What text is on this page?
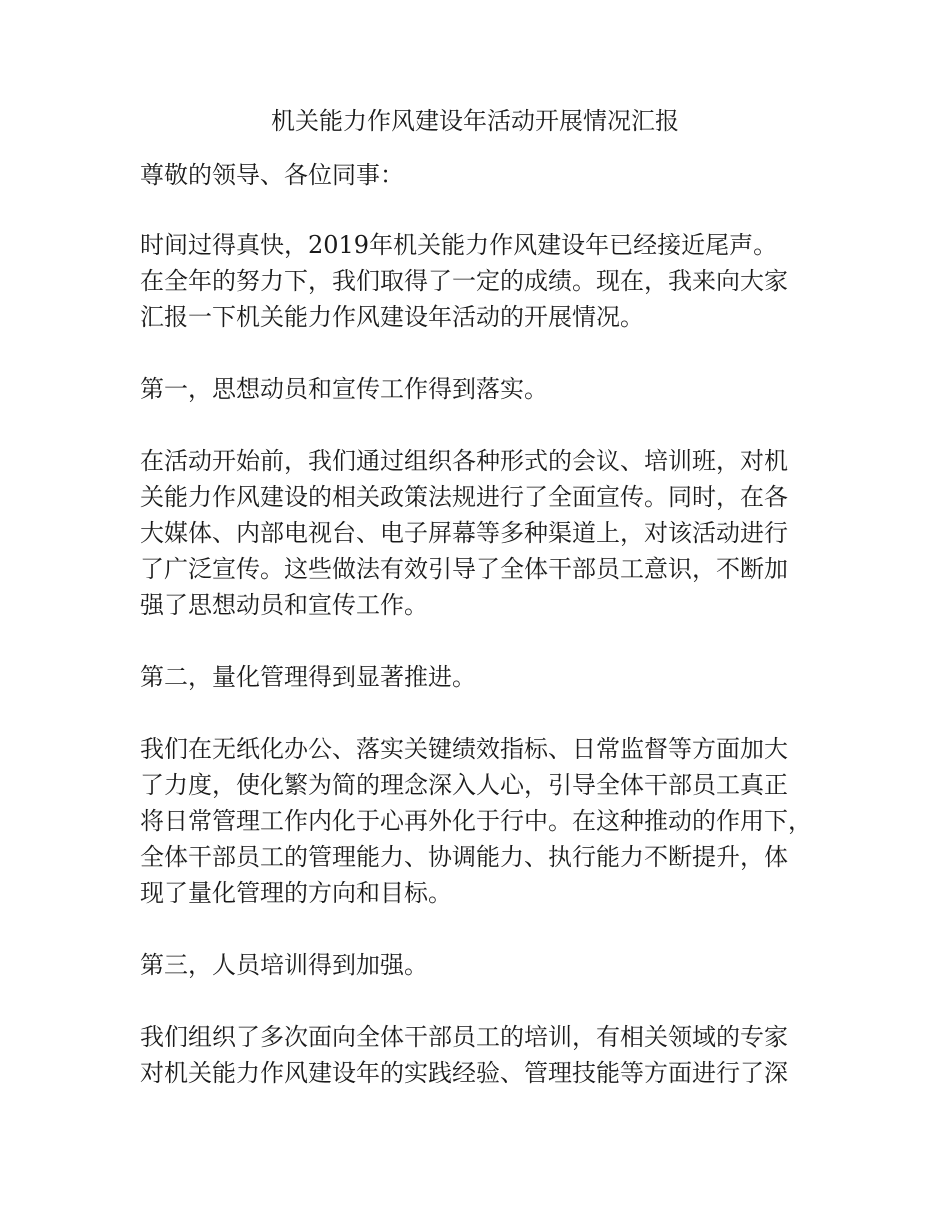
机关能力作风建设年活动开展情况汇报
尊敬的领导、各位同事：
时间过得真快，2019年机关能力作风建设年已经接近尾声。
在全年的努力下，我们取得了一定的成绩。现在，我来向大家
汇报一下机关能力作风建设年活动的开展情况。
第一，思想动员和宣传工作得到落实。
在活动开始前，我们通过组织各种形式的会议、培训班，对机
关能力作风建设的相关政策法规进行了全面宣传。同时，在各
大媒体、内部电视台、电子屏幕等多种渠道上，对该活动进行
了广泛宣传。这些做法有效引导了全体干部员工意识，不断加
强了思想动员和宣传工作。
第二，量化管理得到显著推进。
我们在无纸化办公、落实关键绩效指标、日常监督等方面加大
了力度，使化繁为简的理念深入人心，引导全体干部员工真正
将日常管理工作内化于心再外化于行中。在这种推动的作用下，
全体干部员工的管理能力、协调能力、执行能力不断提升，体
现了量化管理的方向和目标。
第三，人员培训得到加强。
我们组织了多次面向全体干部员工的培训，有相关领域的专家
对机关能力作风建设年的实践经验、管理技能等方面进行了深
